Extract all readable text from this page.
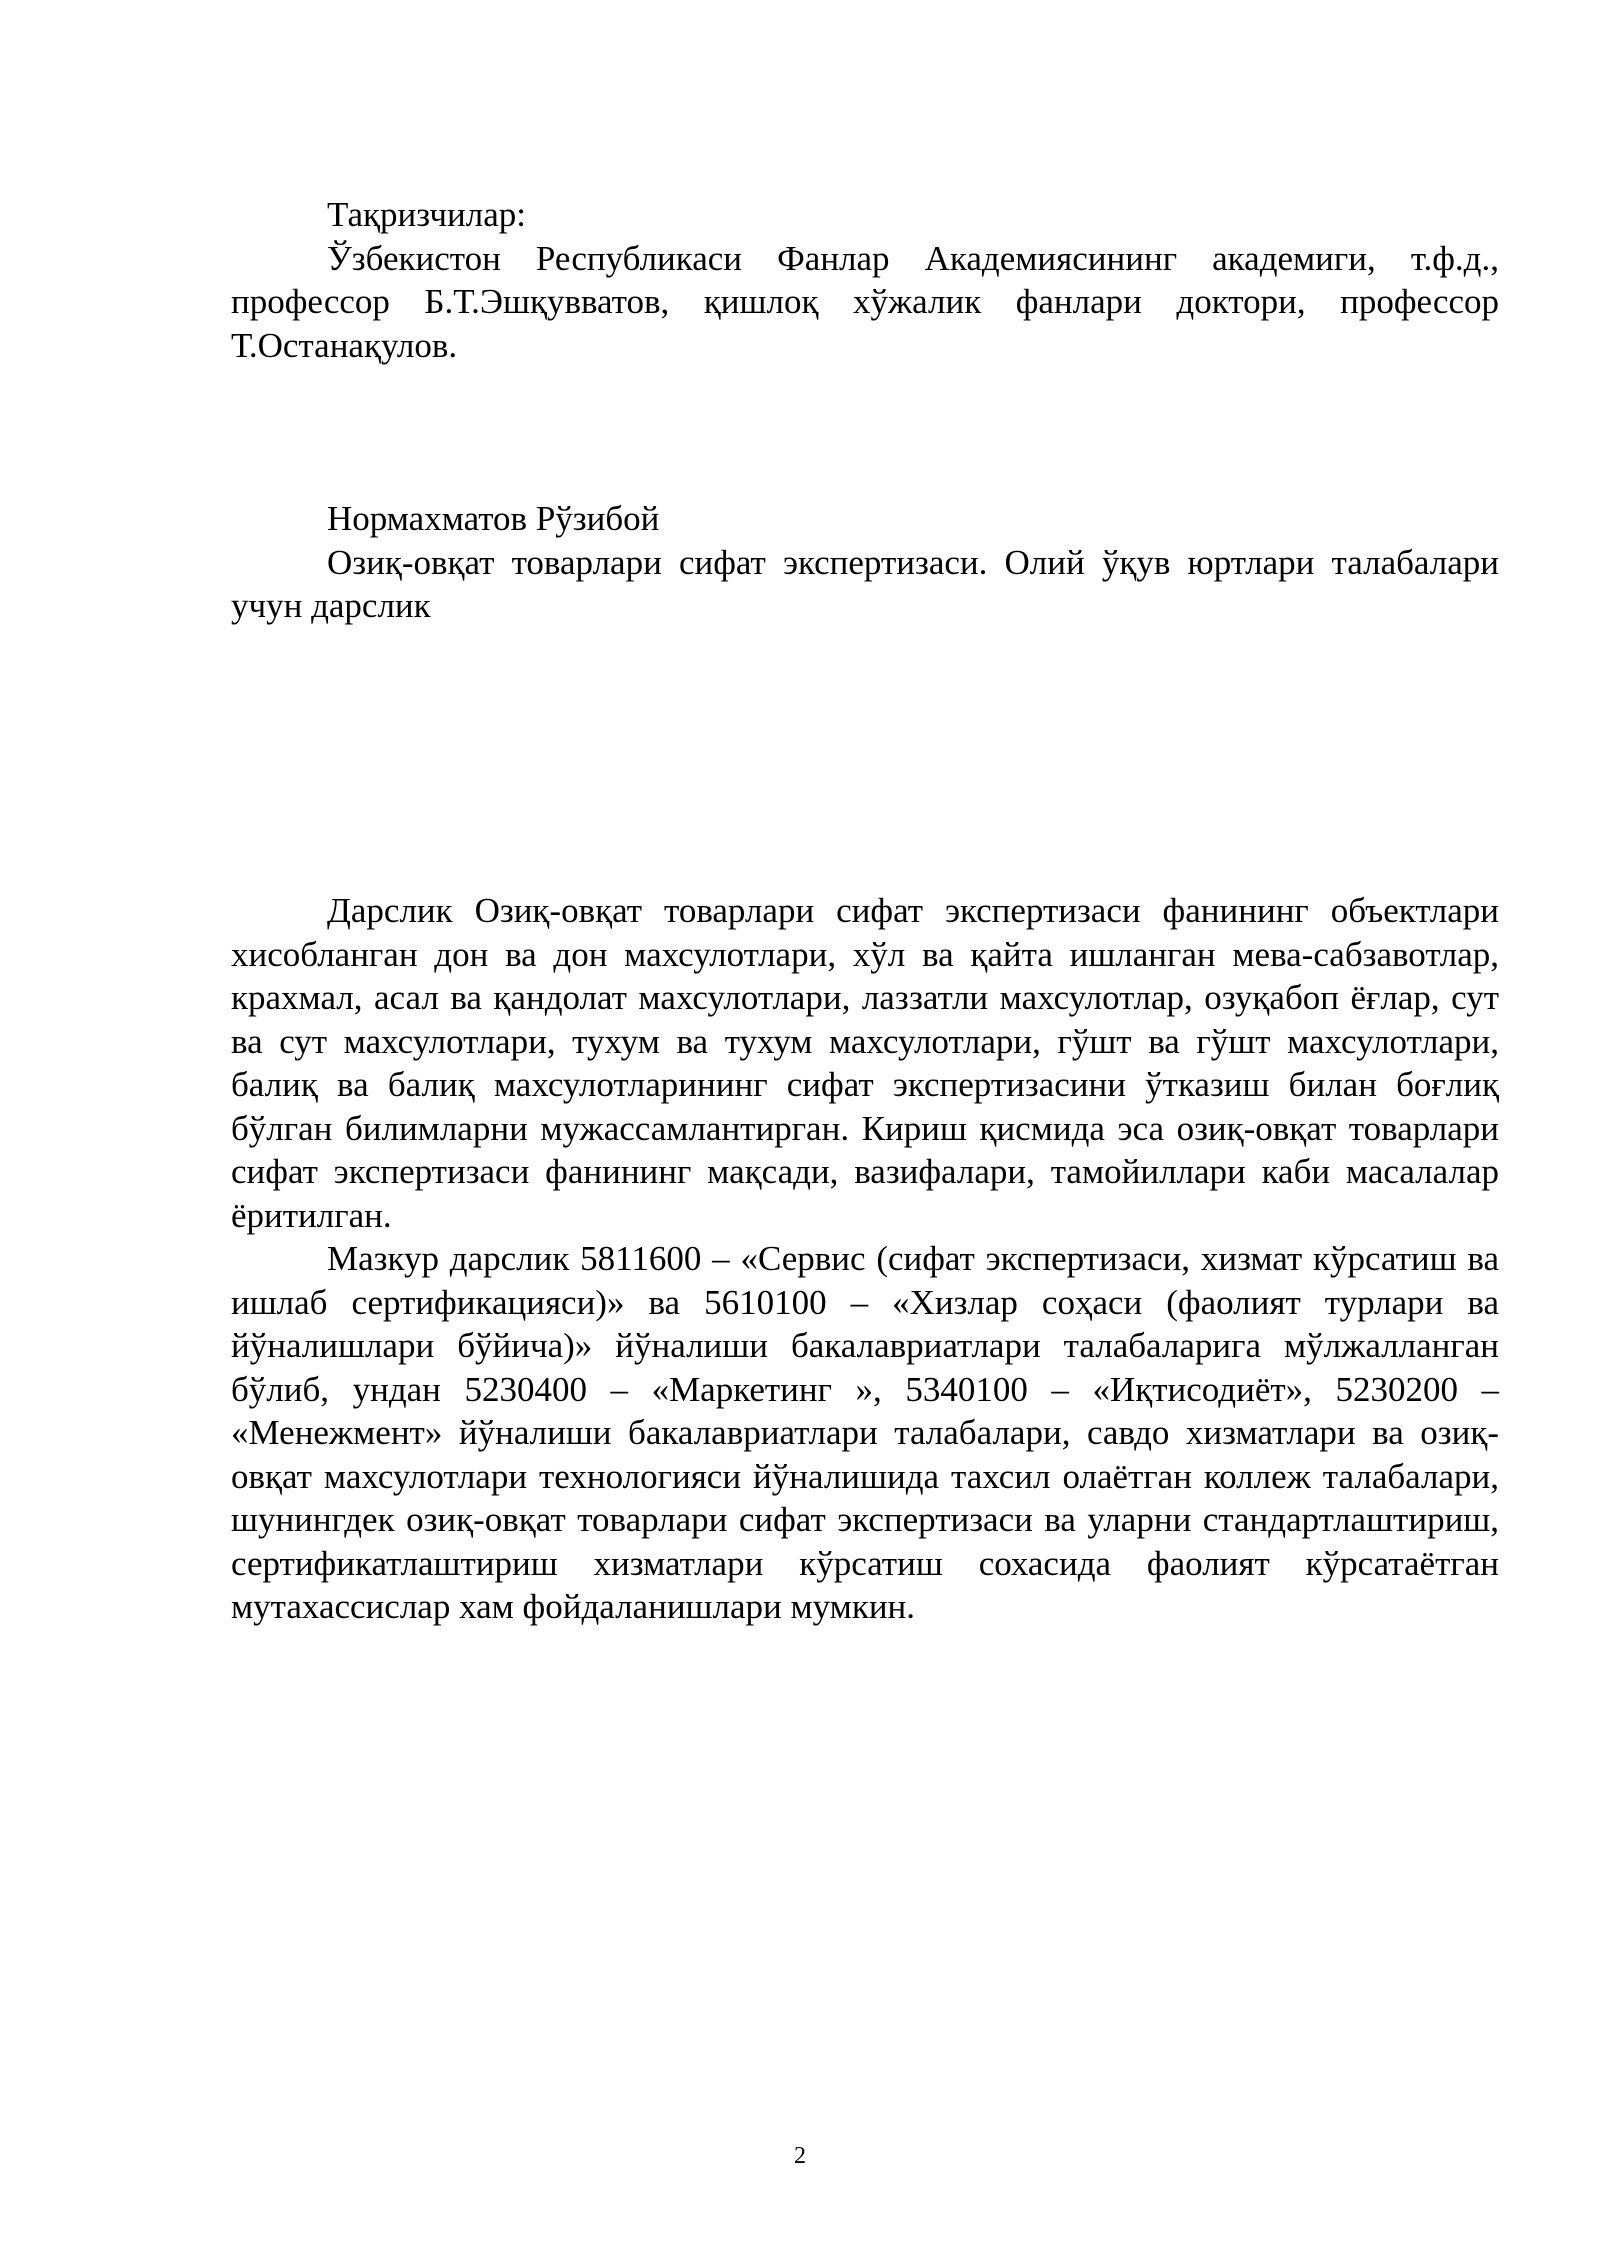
Тақризчилар:

Ўзбекистон Республикаси Фанлар Академиясининг академиги, т.ф.д., профессор Б.Т.Эшқувватов, қишлоқ хўжалик фанлари доктори, профессор Т.Останақулов.

Нормахматов Рўзибой

Озиқ-овқат товарлари сифат экспертизаси. Олий ўқув юртлари талабалари учун дарслик

Дарслик Озиқ-овқат товарлари сифат экспертизаси фанининг объектлари хисобланган дон ва дон махсулотлари, хўл ва қайта ишланган мева-сабзавотлар, крахмал, асал ва қандолат махсулотлари, лаззатли махсулотлар, озуқабоп ёғлар, сут ва сут махсулотлари, тухум ва тухум махсулотлари, гўшт ва гўшт махсулотлари, балиқ ва балиқ махсулотларининг сифат экспертизасини ўтказиш билан боғлиқ бўлган билимларни мужассамлантирган. Кириш қисмида эса озиқ-овқат товарлари сифат экспертизаси фанининг мақсади, вазифалари, тамойиллари каби масалалар ёритилган.

Мазкур дарслик 5811600 – «Сервис (сифат экспертизаси, хизмат кўрсатиш ва ишлаб сертификацияси)» ва 5610100 – «Хизлар соҳаси (фаолият турлари ва йўналишлари бўйича)» йўналиши бакалавриатлари талабаларига мўлжалланган бўлиб, ундан 5230400 – «Маркетинг », 5340100 – «Иқтисодиёт», 5230200 – «Менежмент» йўналиши бакалавриатлари талабалари, савдо хизматлари ва озиқ-овқат махсулотлари технологияси йўналишида тахсил олаётган коллеж талабалари, шунингдек озиқ-овқат товарлари сифат экспертизаси ва уларни стандартлаштириш, сертификатлаштириш хизматлари кўрсатиш сохасида фаолият кўрсатаётган мутахассислар хам фойдаланишлари мумкин.

2
